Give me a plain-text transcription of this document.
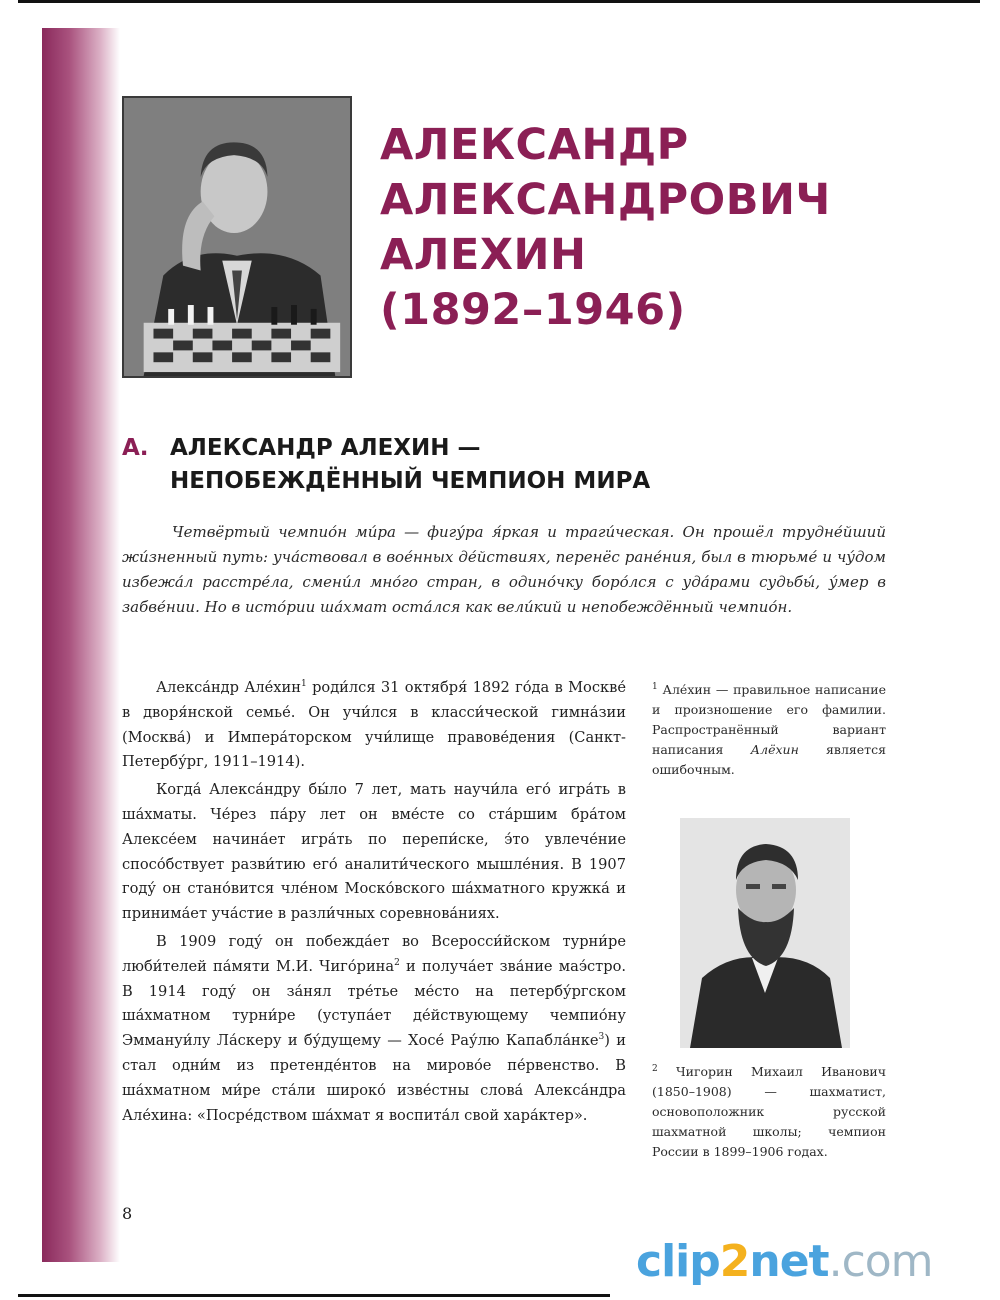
АЛЕКСАНДР
АЛЕКСАНДРОВИЧ
АЛЕХИН
(1892–1946)
А. АЛЕКСАНДР АЛЕХИН —
НЕПОБЕЖДЁННЫЙ ЧЕМПИОН МИРА

Четвёртый чемпио́н ми́ра — фигу́ра я́ркая и траги́ческая. Он прошёл трудне́йший жи́зненный путь: уча́ствовал в вое́нных де́йствиях, перенёс ране́ния, был в тюрьме́ и чу́дом избежа́л расстре́ла, смени́л мно́го стран, в одино́чку боро́лся с уда́рами судьбы́, у́мер в забве́нии. Но в исто́рии ша́хмат оста́лся как вели́кий и непобеждённый чемпио́н.

Алекса́ндр Але́хин$^1$ роди́лся 31 октября́ 1892 го́да в Москве́ в дворя́нской семье́. Он учи́лся в класси́ческой гимна́зии (Москва́) и Импера́торском учи́лище правове́дения (Санкт-Петербу́рг, 1911–1914).

Когда́ Алекса́ндру бы́ло 7 лет, мать научи́ла его́ игра́ть в ша́хматы. Че́рез па́ру лет он вме́сте со ста́ршим бра́том Алексе́ем начина́ет игра́ть по перепи́ске, э́то увлече́ние спосо́бствует разви́тию его́ аналити́ческого мышле́ния. В 1907 году́ он стано́вится чле́ном Моско́вского ша́хматного кружка́ и принима́ет уча́стие в разли́чных соревнова́ниях.

В 1909 году́ он побежда́ет во Всеросси́йском турни́ре люби́телей па́мяти М.И. Чиго́рина$^2$ и получа́ет зва́ние маэ́стро. В 1914 году́ он за́нял тре́тье ме́сто на петербу́ргском ша́хматном турни́ре (уступа́ет де́йствующему чемпио́ну Эммануи́лу Ла́скеру и бу́дущему — Хосе́ Рау́лю Капабла́нке$^3$) и стал одни́м из претенде́нтов на мирово́е пе́рвенство. В ша́хматном ми́ре ста́ли широко́ изве́стны слова́ Алекса́ндра Але́хина: «Посре́дством ша́хмат я воспита́л свой хара́ктер».

$^1$ Але́хин — правильное написание и произношение его фамилии. Распространённый вариант написания Алёхин является ошибочным.

$^2$ Чигорин Михаил Иванович (1850–1908) — шахматист, основоположник русской шахматной школы; чемпион России в 1899–1906 годах.

8
clip2net.com
